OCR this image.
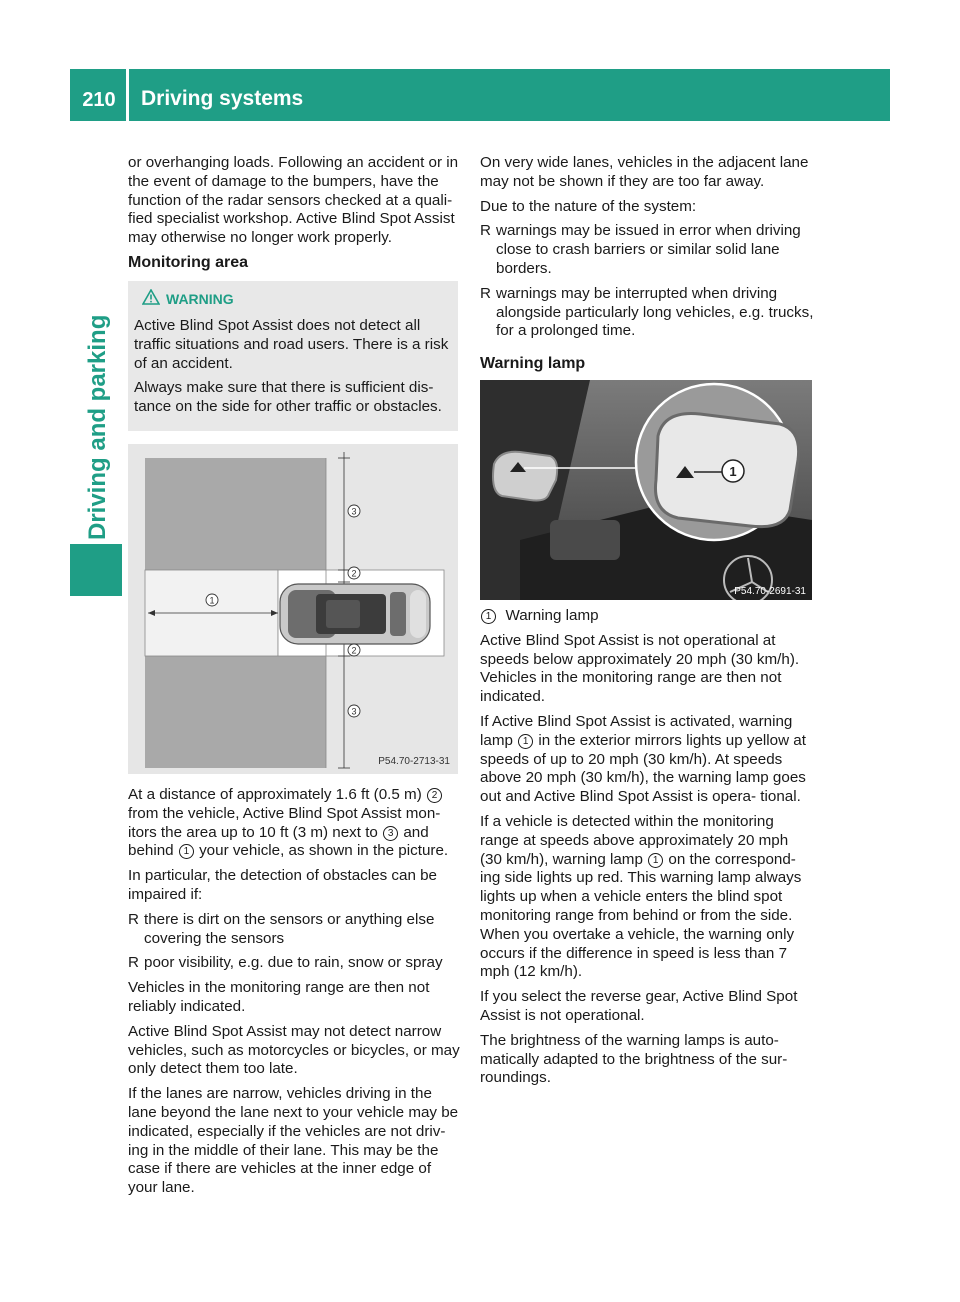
210	Driving systems
Driving and parking

or overhanging loads. Following an accident or in the event of damage to the bumpers, have the function of the radar sensors checked at a quali- fied specialist workshop. Active Blind Spot Assist may otherwise no longer work properly.

Monitoring area
WARNING

Active Blind Spot Assist does not detect all traffic situations and road users. There is a risk of an accident.

Always make sure that there is sufficient dis- tance on the side for other traffic or obstacles.

3
2
1
2
3
P54.70-2713-31

At a distance of approximately 1.6 ft (0.5 m) 2 from the vehicle, Active Blind Spot Assist mon- itors the area up to 10 ft (3 m) next to 3 and behind 1 your vehicle, as shown in the picture.

In particular, the detection of obstacles can be impaired if:

R there is dirt on the sensors or anything else covering the sensors
R poor visibility, e.g. due to rain, snow or spray

Vehicles in the monitoring range are then not reliably indicated.

Active Blind Spot Assist may not detect narrow vehicles, such as motorcycles or bicycles, or may only detect them too late.

If the lanes are narrow, vehicles driving in the lane beyond the lane next to your vehicle may be indicated, especially if the vehicles are not driv- ing in the middle of their lane. This may be the case if there are vehicles at the inner edge of your lane.

On very wide lanes, vehicles in the adjacent lane may not be shown if they are too far away.

Due to the nature of the system:

R warnings may be issued in error when driving close to crash barriers or similar solid lane borders.
R warnings may be interrupted when driving alongside particularly long vehicles, e.g. trucks, for a prolonged time.
Warning lamp
1
P54.70-2691-31

1 Warning lamp

Active Blind Spot Assist is not operational at speeds below approximately 20 mph (30 km/h). Vehicles in the monitoring range are then not indicated.

If Active Blind Spot Assist is activated, warning lamp 1 in the exterior mirrors lights up yellow at speeds of up to 20 mph (30 km/h). At speeds above 20 mph (30 km/h), the warning lamp goes out and Active Blind Spot Assist is opera- tional.

If a vehicle is detected within the monitoring range at speeds above approximately 20 mph (30 km/h), warning lamp 1 on the correspond- ing side lights up red. This warning lamp always lights up when a vehicle enters the blind spot monitoring range from behind or from the side. When you overtake a vehicle, the warning only occurs if the difference in speed is less than 7 mph (12 km/h).

If you select the reverse gear, Active Blind Spot Assist is not operational.

The brightness of the warning lamps is auto- matically adapted to the brightness of the sur- roundings.
